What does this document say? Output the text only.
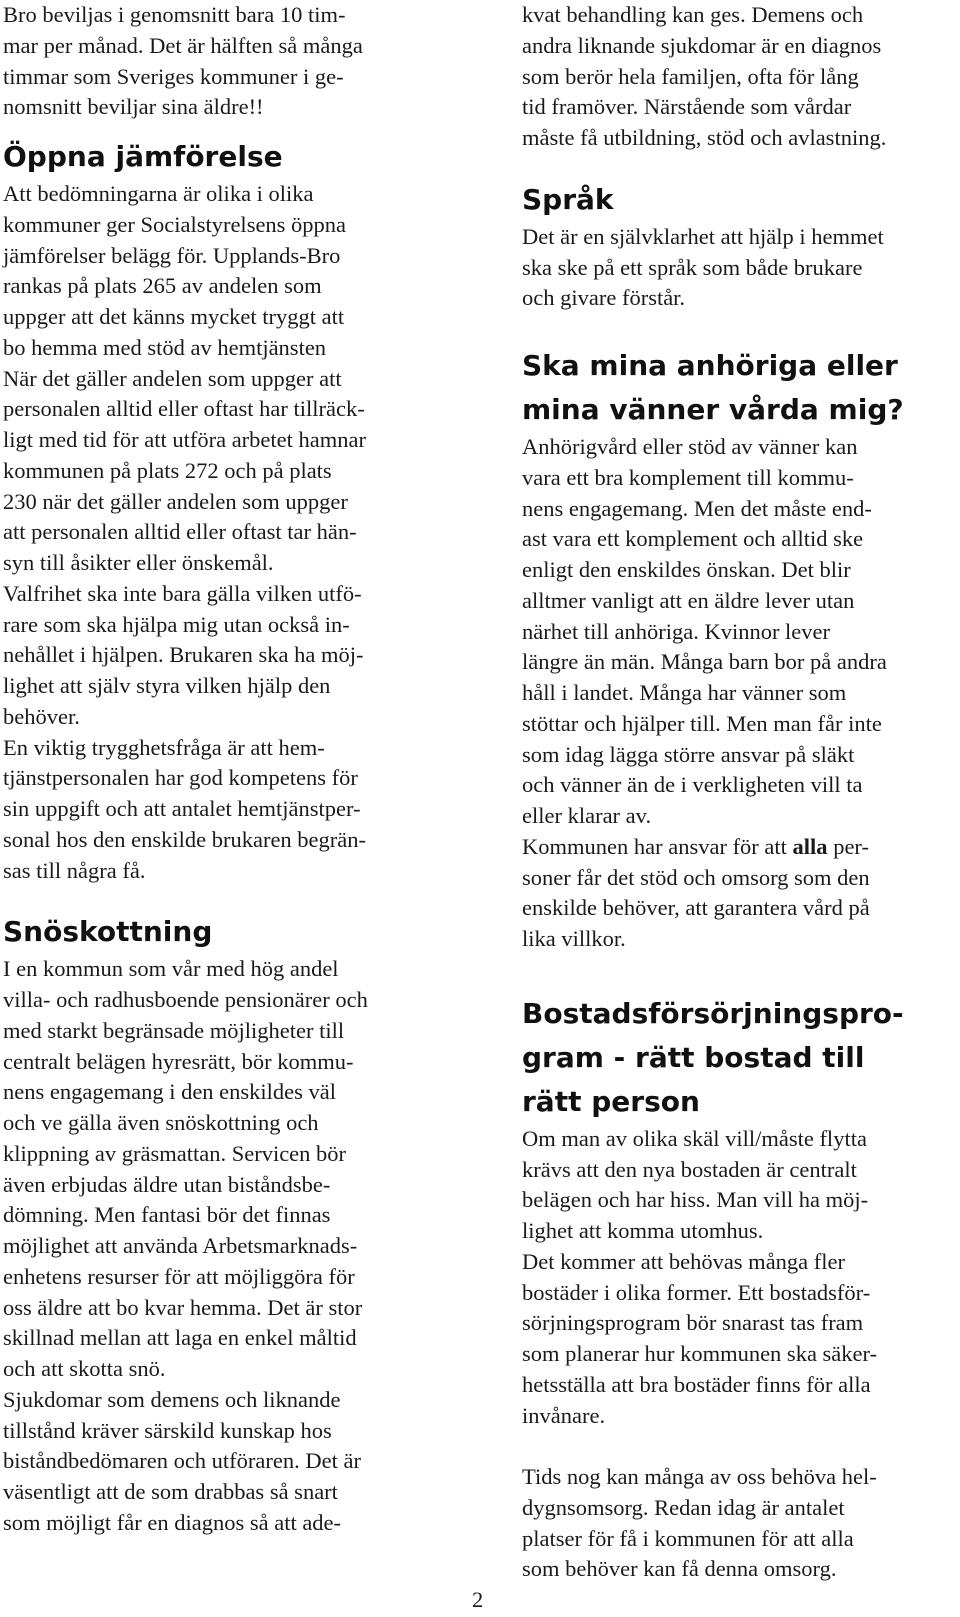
Bro beviljas i genomsnitt bara 10 tim-
mar per månad. Det är hälften så många
timmar som Sveriges kommuner i ge-
nomsnitt beviljar sina äldre!!
Öppna jämförelse
Att bedömningarna är olika i olika
kommuner ger Socialstyrelsens öppna
jämförelser belägg för. Upplands-Bro
rankas på plats 265 av andelen som
uppger att det känns mycket tryggt att
bo hemma med stöd av hemtjänsten
När det gäller andelen som uppger att
personalen alltid eller oftast har tillräck-
ligt med tid för att utföra arbetet hamnar
kommunen på plats 272 och på plats
230 när det gäller andelen som uppger
att personalen alltid eller oftast tar hän-
syn till åsikter eller önskemål.
Valfrihet ska inte bara gälla vilken utfö-
rare som ska hjälpa mig utan också in-
nehållet i hjälpen. Brukaren ska ha möj-
lighet att själv styra vilken hjälp den
behöver.
En viktig trygghetsfråga är att hem-
tjänstpersonalen har god kompetens för
sin uppgift och att antalet hemtjänstper-
sonal hos den enskilde brukaren begrän-
sas till några få.
Snöskottning
I en kommun som vår med hög andel
villa- och radhusboende pensionärer och
med starkt begränsade möjligheter till
centralt belägen hyresrätt, bör kommu-
nens engagemang i den enskildes väl
och ve gälla även snöskottning och
klippning av gräsmattan. Servicen bör
även erbjudas äldre utan biståndsbe-
dömning. Men fantasi bör det finnas
möjlighet att använda Arbetsmarknads-
enhetens resurser för att möjliggöra för
oss äldre att bo kvar hemma. Det är stor
skillnad mellan att laga en enkel måltid
och att skotta snö.
Sjukdomar som demens och liknande
tillstånd kräver särskild kunskap hos
biståndbedömaren och utföraren. Det är
väsentligt att de som drabbas så snart
som möjligt får en diagnos så att ade-
kvat behandling kan ges. Demens och
andra liknande sjukdomar är en diagnos
som berör hela familjen, ofta för lång
tid framöver. Närstående som vårdar
måste få utbildning, stöd och avlastning.
Språk
Det är en självklarhet att hjälp i hemmet
ska ske på ett språk som både brukare
och givare förstår.
Ska mina anhöriga eller
mina vänner vårda mig?
Anhörigvård eller stöd av vänner kan
vara ett bra komplement till kommu-
nens engagemang. Men det måste end-
ast vara ett komplement och alltid ske
enligt den enskildes önskan. Det blir
alltmer vanligt att en äldre lever utan
närhet till anhöriga. Kvinnor lever
längre än män. Många barn bor på andra
håll i landet. Många har vänner som
stöttar och hjälper till. Men man får inte
som idag lägga större ansvar på släkt
och vänner än de i verkligheten vill ta
eller klarar av.
Kommunen har ansvar för att alla per-
soner får det stöd och omsorg som den
enskilde behöver, att garantera vård på
lika villkor.
Bostadsförsörjningspro-
gram - rätt bostad till
rätt person
Om man av olika skäl vill/måste flytta
krävs att den nya bostaden är centralt
belägen och har hiss. Man vill ha möj-
lighet att komma utomhus.
Det kommer att behövas många fler
bostäder i olika former. Ett bostadsför-
sörjningsprogram bör snarast tas fram
som planerar hur kommunen ska säker-
hetsställa att bra bostäder finns för alla
invånare.
Tids nog kan många av oss behöva hel-
dygnsomsorg. Redan idag är antalet
platser för få i kommunen för att alla
som behöver kan få denna omsorg.
2
